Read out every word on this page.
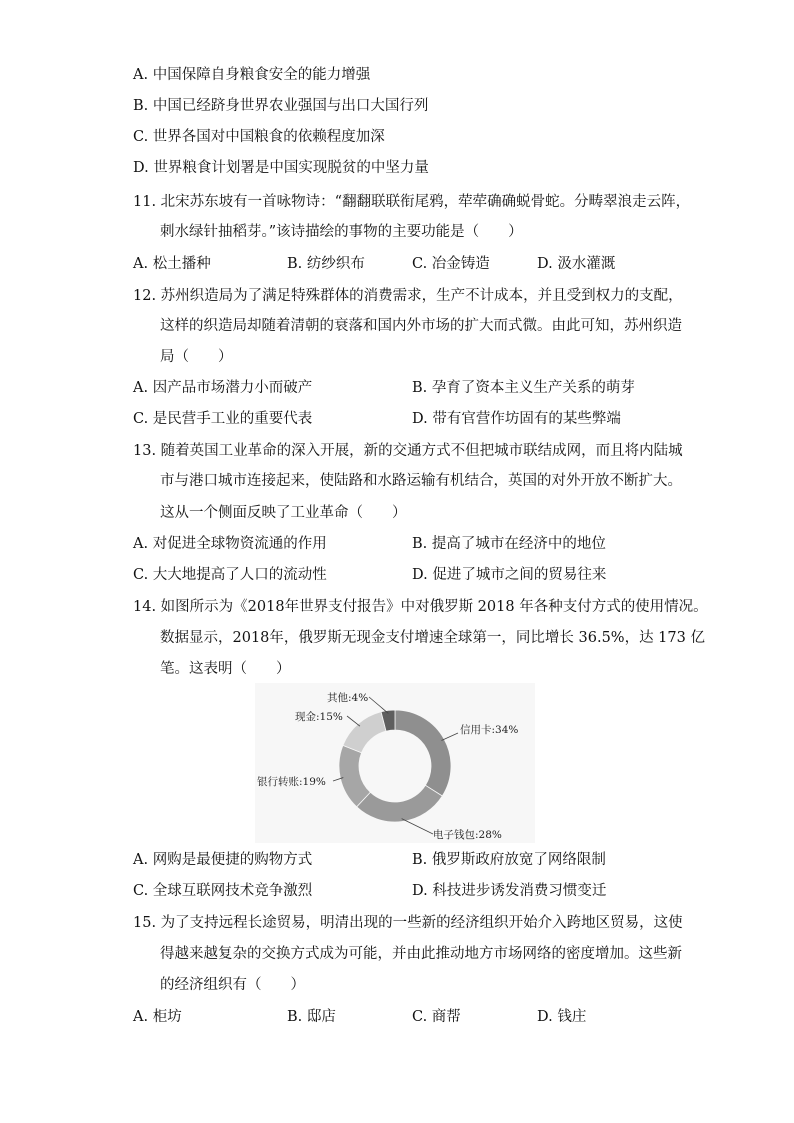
A. 中国保障自身粮食安全的能力增强
B. 中国已经跻身世界农业强国与出口大国行列
C. 世界各国对中国粮食的依赖程度加深
D. 世界粮食计划署是中国实现脱贫的中坚力量
11. 北宋苏东坡有一首咏物诗：“翻翻联联衔尾鸦，荦荦确确蜕骨蛇。分畴翠浪走云阵，
刺水绿针抽稻芽。”该诗描绘的事物的主要功能是（　　）
A. 松土播种	B. 纺纱织布	C. 冶金铸造	D. 汲水灌溉
12. 苏州织造局为了满足特殊群体的消费需求，生产不计成本，并且受到权力的支配，
这样的织造局却随着清朝的衰落和国内外市场的扩大而式微。由此可知，苏州织造
局（　　）
A. 因产品市场潜力小而破产	B. 孕育了资本主义生产关系的萌芽
C. 是民营手工业的重要代表	D. 带有官营作坊固有的某些弊端
13. 随着英国工业革命的深入开展，新的交通方式不但把城市联结成网，而且将内陆城
市与港口城市连接起来，使陆路和水路运输有机结合，英国的对外开放不断扩大。
这从一个侧面反映了工业革命（　　）
A. 对促进全球物资流通的作用	B. 提高了城市在经济中的地位
C. 大大地提高了人口的流动性	D. 促进了城市之间的贸易往来
14. 如图所示为《2018年世界支付报告》中对俄罗斯 2018 年各种支付方式的使用情况。
数据显示，2018年，俄罗斯无现金支付增速全球第一，同比增长 36.5%，达 173 亿
笔。这表明（　　）
信用卡:34%
电子钱包:28%
银行转账:19%
现金:15%
其他:4%
A. 网购是最便捷的购物方式	B. 俄罗斯政府放宽了网络限制
C. 全球互联网技术竞争激烈	D. 科技进步诱发消费习惯变迁
15. 为了支持远程长途贸易，明清出现的一些新的经济组织开始介入跨地区贸易，这使
得越来越复杂的交换方式成为可能，并由此推动地方市场网络的密度增加。这些新
的经济组织有（　　）
A. 柜坊	B. 邸店	C. 商帮	D. 钱庄
